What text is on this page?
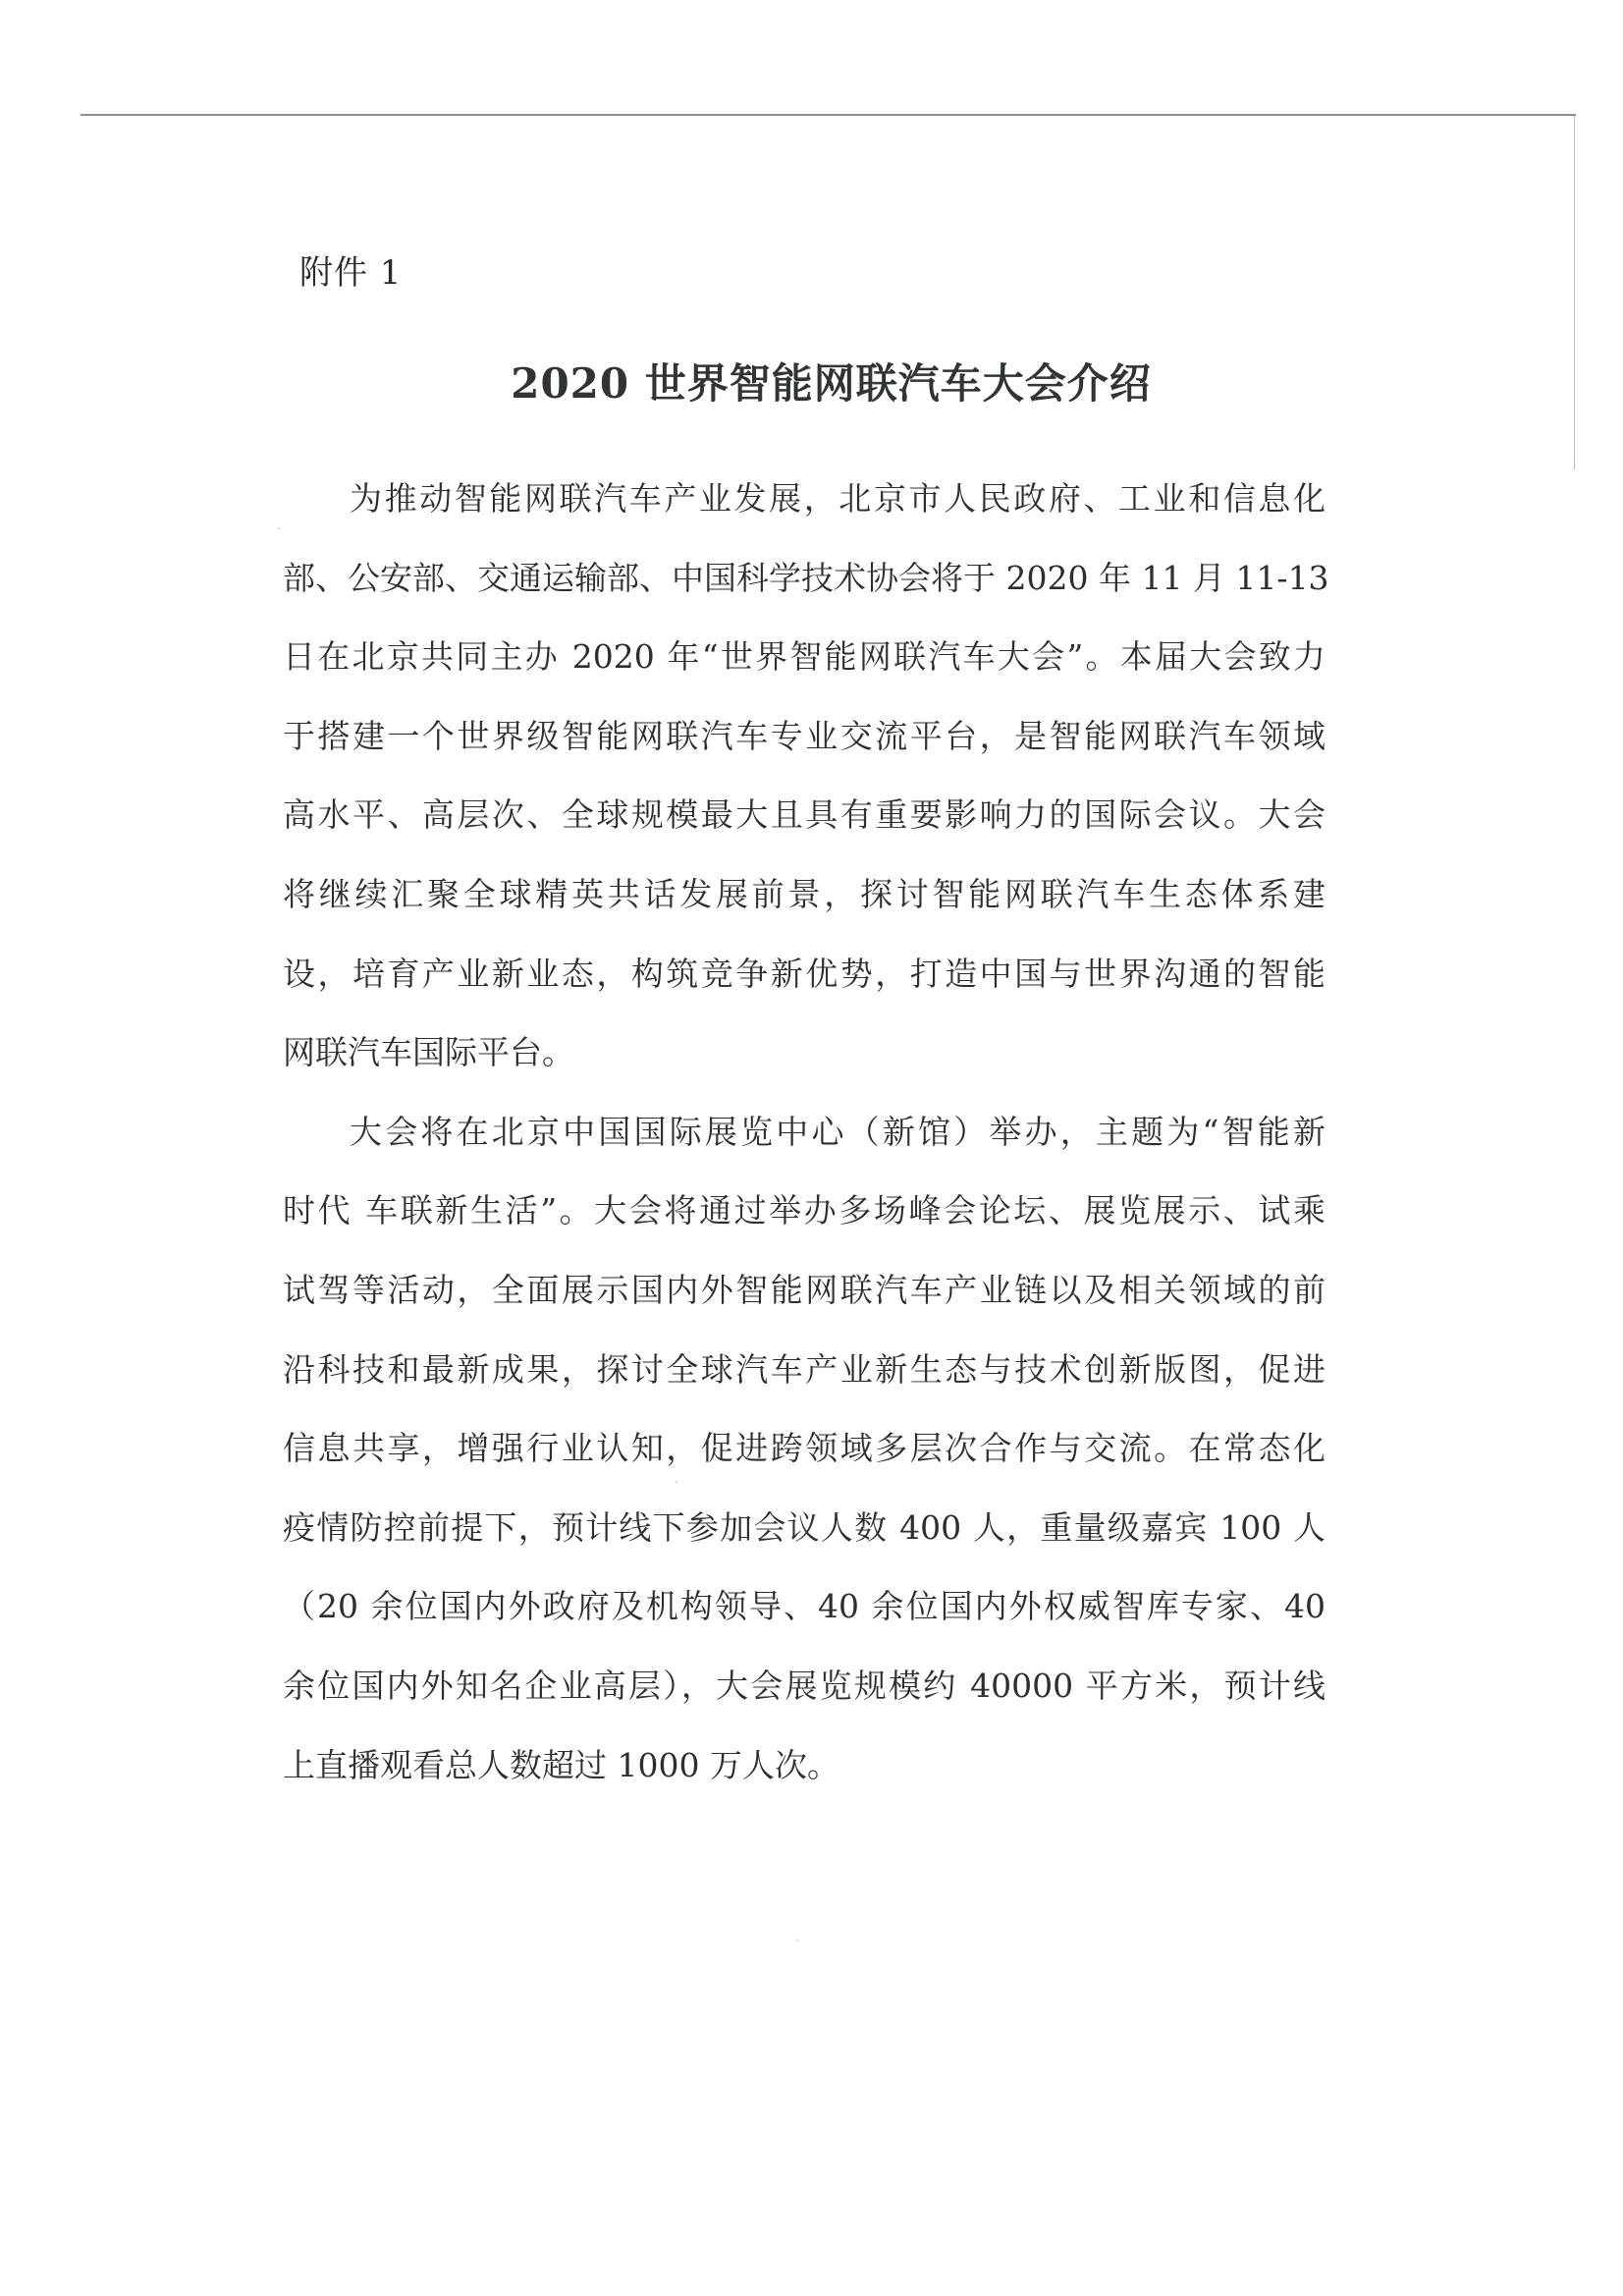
附件 1
2020 世界智能网联汽车大会介绍
为推动智能网联汽车产业发展，北京市人民政府、工业和信息化
部、公安部、交通运输部、中国科学技术协会将于 2020 年 11 月 11-13
日在北京共同主办 2020 年“世界智能网联汽车大会”。本届大会致力
于搭建一个世界级智能网联汽车专业交流平台，是智能网联汽车领域
高水平、高层次、全球规模最大且具有重要影响力的国际会议。大会
将继续汇聚全球精英共话发展前景，探讨智能网联汽车生态体系建
设，培育产业新业态，构筑竞争新优势，打造中国与世界沟通的智能
网联汽车国际平台。
大会将在北京中国国际展览中心（新馆）举办，主题为“智能新
时代 车联新生活”。大会将通过举办多场峰会论坛、展览展示、试乘
试驾等活动，全面展示国内外智能网联汽车产业链以及相关领域的前
沿科技和最新成果，探讨全球汽车产业新生态与技术创新版图，促进
信息共享，增强行业认知，促进跨领域多层次合作与交流。在常态化
疫情防控前提下，预计线下参加会议人数 400 人，重量级嘉宾 100 人
（20 余位国内外政府及机构领导、40 余位国内外权威智库专家、40
余位国内外知名企业高层），大会展览规模约 40000 平方米，预计线
上直播观看总人数超过 1000 万人次。
